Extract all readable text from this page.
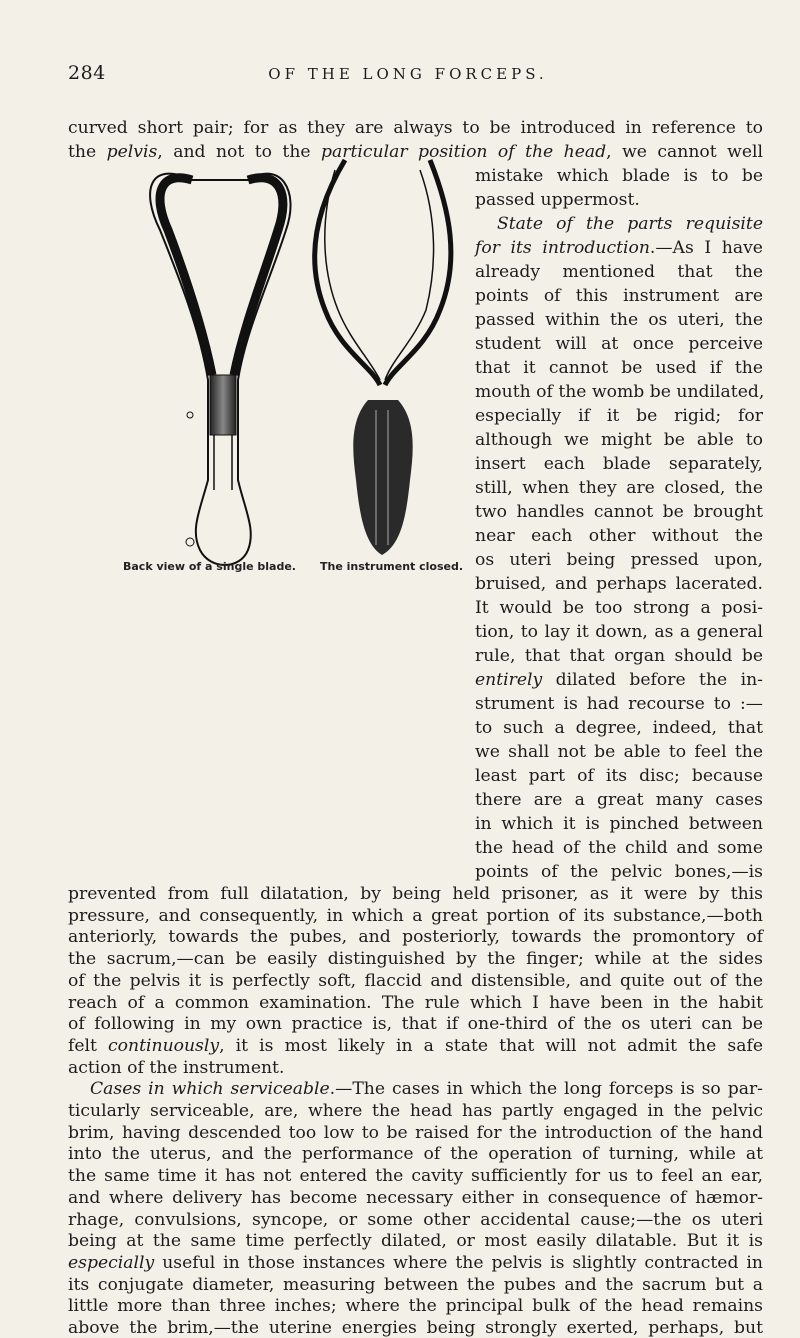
284	OF THE LONG FORCEPS.
curved short pair; for as they are always to be introduced in reference to
the pelvis, and not to the particular position of the head, we cannot well
Back view of a single blade. The instrument closed.
mistake which blade is to be
passed uppermost.
State of the parts requisite
for its introduction.—As I have
already mentioned that the
points of this instrument are
passed within the os uteri, the
student will at once perceive
that it cannot be used if the
mouth of the womb be undilated,
especially if it be rigid; for
although we might be able to
insert each blade separately,
still, when they are closed, the
two handles cannot be brought
near each other without the
os uteri being pressed upon,
bruised, and perhaps lacerated.
It would be too strong a posi-
tion, to lay it down, as a general
rule, that that organ should be
entirely dilated before the in-
strument is had recourse to :—
to such a degree, indeed, that
we shall not be able to feel the
least part of its disc; because
there are a great many cases
in which it is pinched between
the head of the child and some
points of the pelvic bones,—is
prevented from full dilatation, by being held prisoner, as it were by this
pressure, and consequently, in which a great portion of its substance,—both
anteriorly, towards the pubes, and posteriorly, towards the promontory of
the sacrum,—can be easily distinguished by the finger; while at the sides
of the pelvis it is perfectly soft, flaccid and distensible, and quite out of the
reach of a common examination. The rule which I have been in the habit
of following in my own practice is, that if one-third of the os uteri can be
felt continuously, it is most likely in a state that will not admit the safe
action of the instrument.
Cases in which serviceable.—The cases in which the long forceps is so par-
ticularly serviceable, are, where the head has partly engaged in the pelvic
brim, having descended too low to be raised for the introduction of the hand
into the uterus, and the performance of the operation of turning, while at
the same time it has not entered the cavity sufficiently for us to feel an ear,
and where delivery has become necessary either in consequence of hæmor-
rhage, convulsions, syncope, or some other accidental cause;—the os uteri
being at the same time perfectly dilated, or most easily dilatable. But it is
especially useful in those instances where the pelvis is slightly contracted in
its conjugate diameter, measuring between the pubes and the sacrum but a
little more than three inches; where the principal bulk of the head remains
above the brim,—the uterine energies being strongly exerted, perhaps, but
